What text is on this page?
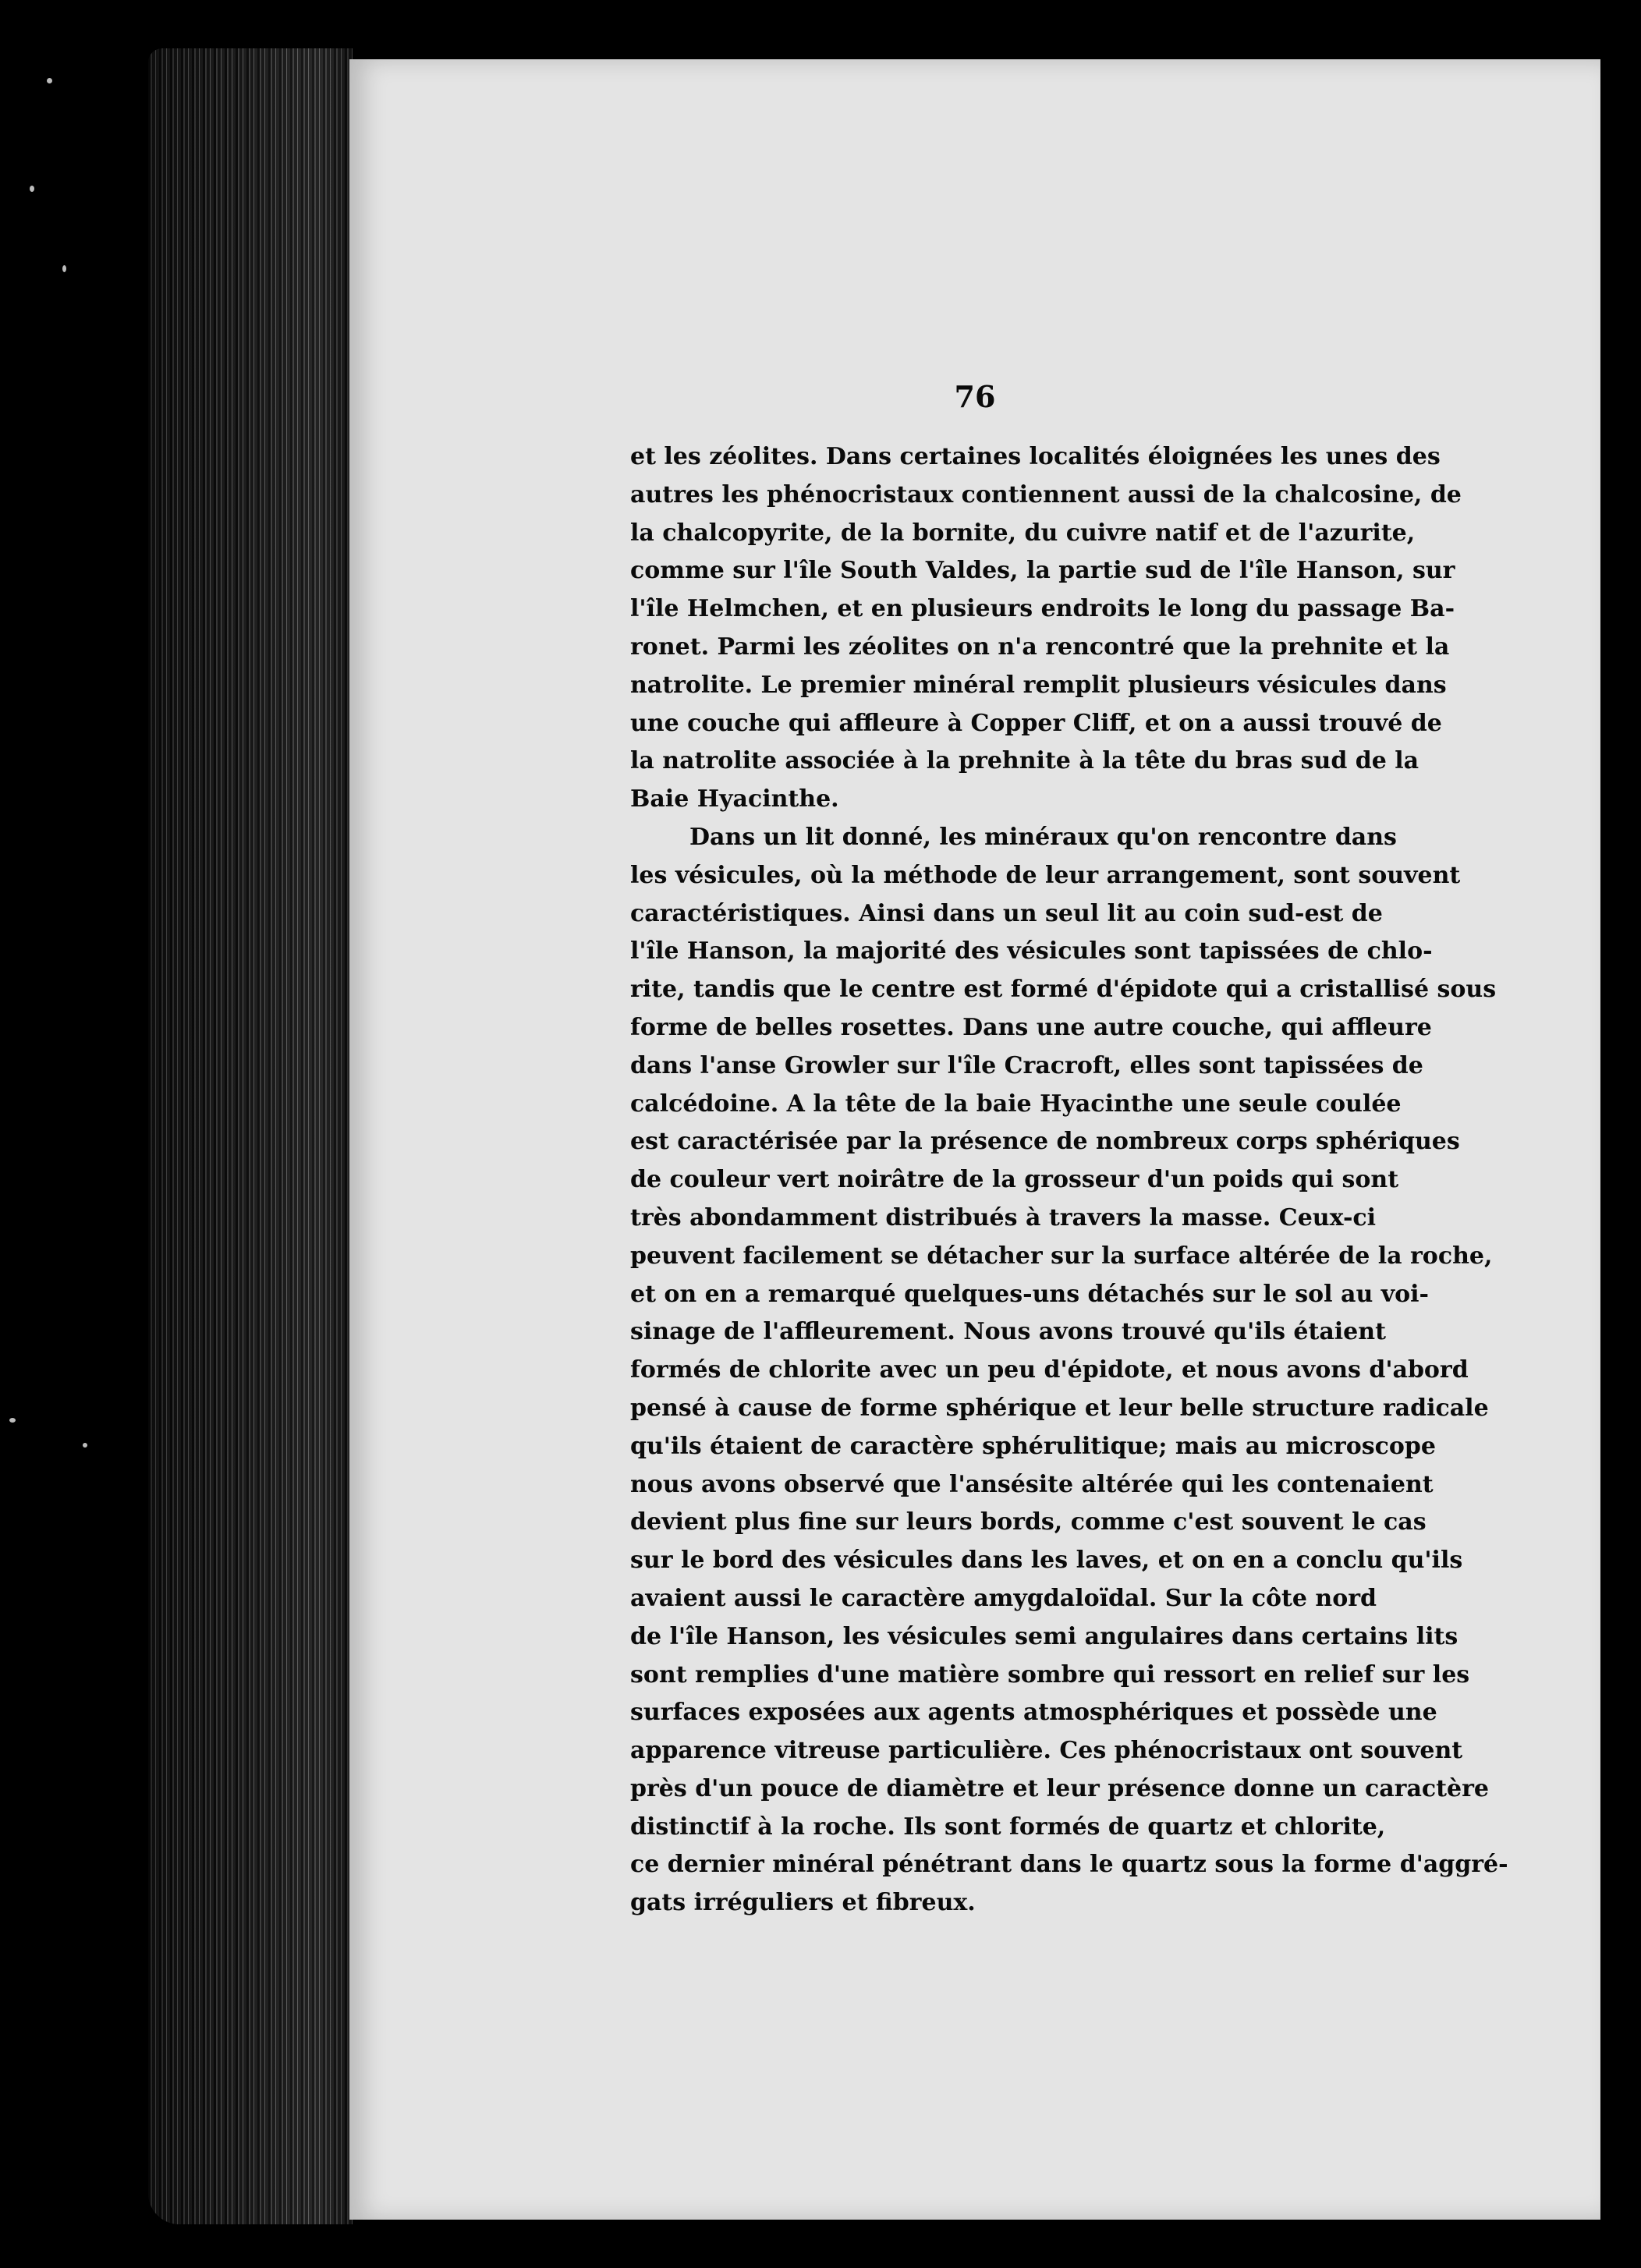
76

et les zéolites. Dans certaines localités éloignées les unes des
autres les phénocristaux contiennent aussi de la chalcosine, de
la chalcopyrite, de la bornite, du cuivre natif et de l'azurite,
comme sur l'île South Valdes, la partie sud de l'île Hanson, sur
l'île Helmchen, et en plusieurs endroits le long du passage Ba-
ronet. Parmi les zéolites on n'a rencontré que la prehnite et la
natrolite. Le premier minéral remplit plusieurs vésicules dans
une couche qui affleure à Copper Cliff, et on a aussi trouvé de
la natrolite associée à la prehnite à la tête du bras sud de la
Baie Hyacinthe.
Dans un lit donné, les minéraux qu'on rencontre dans
les vésicules, où la méthode de leur arrangement, sont souvent
caractéristiques. Ainsi dans un seul lit au coin sud-est de
l'île Hanson, la majorité des vésicules sont tapissées de chlo-
rite, tandis que le centre est formé d'épidote qui a cristallisé sous
forme de belles rosettes. Dans une autre couche, qui affleure
dans l'anse Growler sur l'île Cracroft, elles sont tapissées de
calcédoine. A la tête de la baie Hyacinthe une seule coulée
est caractérisée par la présence de nombreux corps sphériques
de couleur vert noirâtre de la grosseur d'un poids qui sont
très abondamment distribués à travers la masse. Ceux-ci
peuvent facilement se détacher sur la surface altérée de la roche,
et on en a remarqué quelques-uns détachés sur le sol au voi-
sinage de l'affleurement. Nous avons trouvé qu'ils étaient
formés de chlorite avec un peu d'épidote, et nous avons d'abord
pensé à cause de forme sphérique et leur belle structure radicale
qu'ils étaient de caractère sphérulitique; mais au microscope
nous avons observé que l'ansésite altérée qui les contenaient
devient plus fine sur leurs bords, comme c'est souvent le cas
sur le bord des vésicules dans les laves, et on en a conclu qu'ils
avaient aussi le caractère amygdaloïdal. Sur la côte nord
de l'île Hanson, les vésicules semi angulaires dans certains lits
sont remplies d'une matière sombre qui ressort en relief sur les
surfaces exposées aux agents atmosphériques et possède une
apparence vitreuse particulière. Ces phénocristaux ont souvent
près d'un pouce de diamètre et leur présence donne un caractère
distinctif à la roche. Ils sont formés de quartz et chlorite,
ce dernier minéral pénétrant dans le quartz sous la forme d'aggré-
gats irréguliers et fibreux.
